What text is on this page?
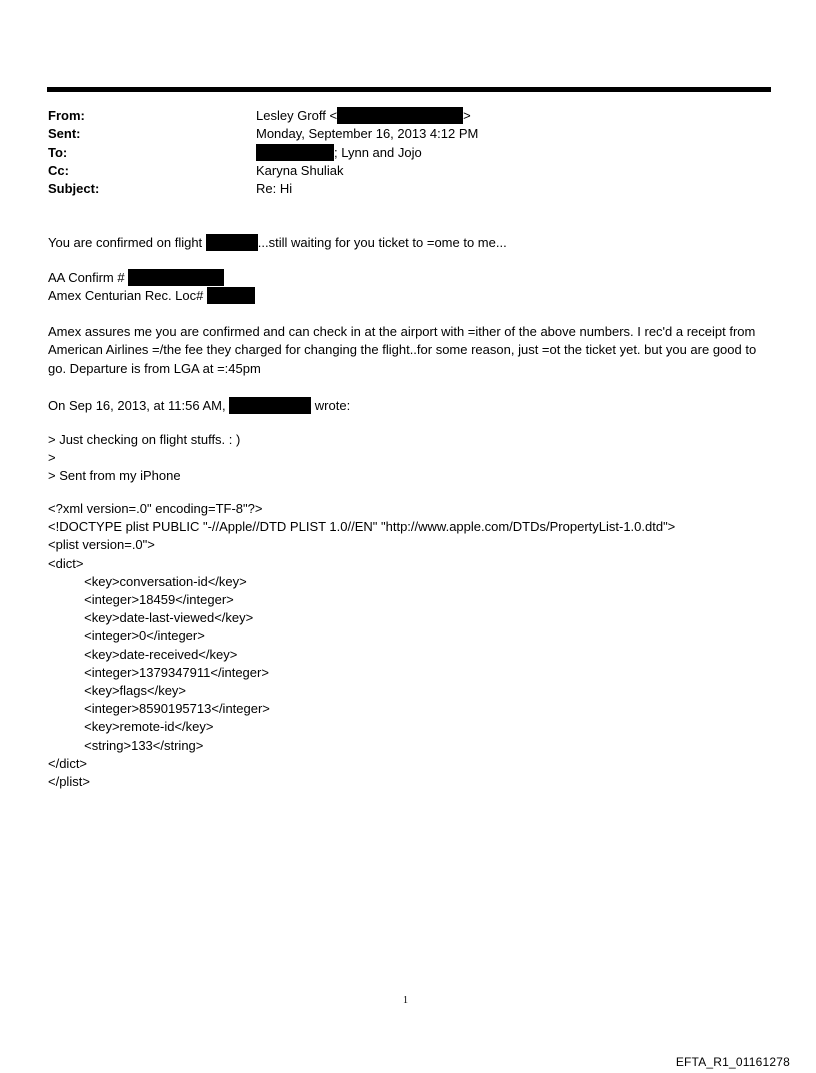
From:	Lesley Groff <	>
Sent:	Monday, September 16, 2013 4:12 PM
To:	; Lynn and Jojo
Cc:	Karyna Shuliak
Subject:	Re: Hi
You are confirmed on flight	...still waiting for you ticket to =ome to me...
AA Confirm #
Amex Centurian Rec. Loc#
Amex assures me you are confirmed and can check in at the airport with =ither of the above numbers. I rec'd a receipt from American Airlines =/the fee they charged for changing the flight..for some reason, just =ot the ticket yet. but you are good to go. Departure is from LGA at =:45pm
On Sep 16, 2013, at 11:56 AM,	wrote:
> Just checking on flight stuffs. : )
>
> Sent from my iPhone
<?xml version=.0" encoding=TF-8"?>
<!DOCTYPE plist PUBLIC "-//Apple//DTD PLIST 1.0//EN" "http://www.apple.com/DTDs/PropertyList-1.0.dtd">
<plist version=.0">
<dict>
<key>conversation-id</key>
<integer>18459</integer>
<key>date-last-viewed</key>
<integer>0</integer>
<key>date-received</key>
<integer>1379347911</integer>
<key>flags</key>
<integer>8590195713</integer>
<key>remote-id</key>
<string>133</string>
</dict>
</plist>
1
EFTA_R1_01161278
